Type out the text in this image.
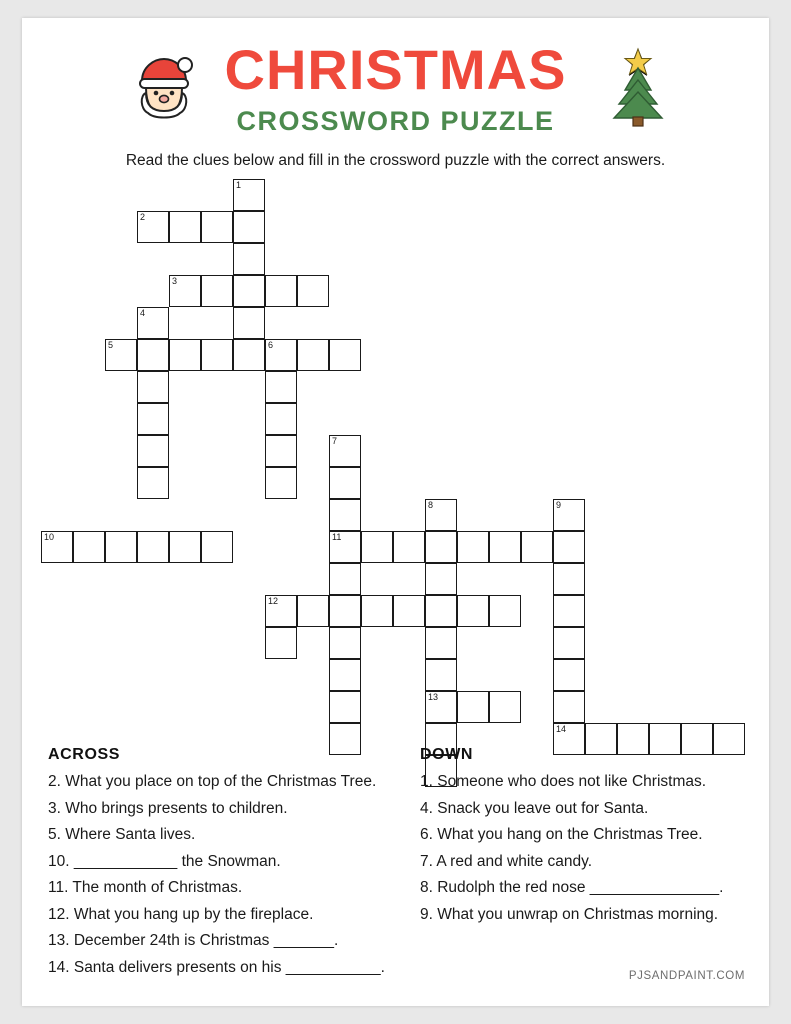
CHRISTMAS
CROSSWORD PUZZLE
Read the clues below and fill in the crossword puzzle with the correct answers.
1
2
3
4
5	6
7
8	9
10	11
12
13
14
ACROSS
2. What you place on top of the Christmas Tree.
3. Who brings presents to children.
5. Where Santa lives.
10. ____________ the Snowman.
11. The month of Christmas.
12. What you hang up by the fireplace.
13. December 24th is Christmas _______.
14. Santa delivers presents on his ___________.
DOWN
1. Someone who does not like Christmas.
4. Snack you leave out for Santa.
6. What you hang on the Christmas Tree.
7. A red and white candy.
8. Rudolph the red nose _______________.
9. What you unwrap on Christmas morning.
PJSANDPAINT.COM
